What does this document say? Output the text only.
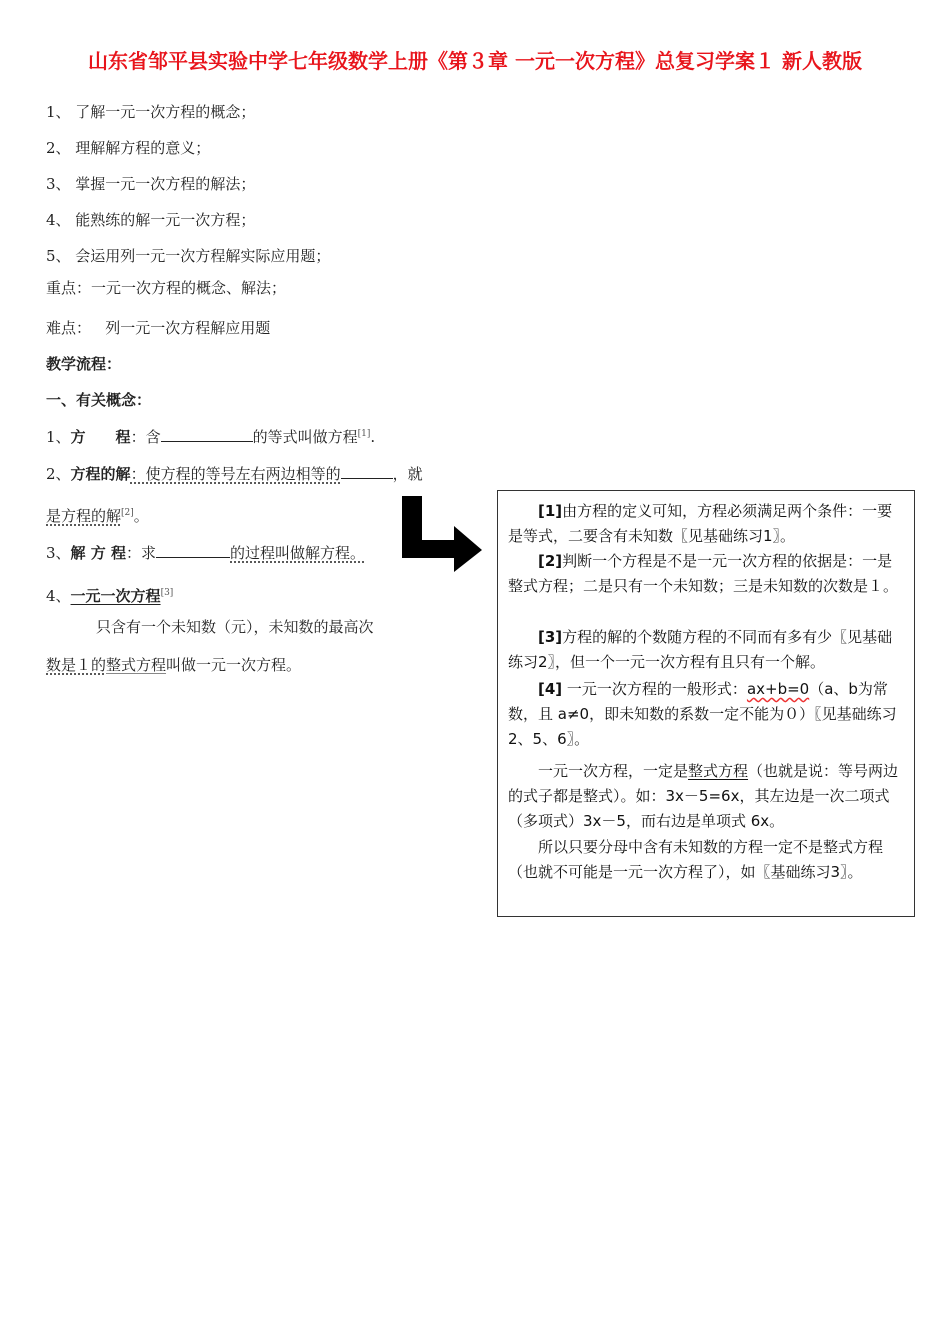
山东省邹平县实验中学七年级数学上册《第３章 一元一次方程》总复习学案１ 新人教版
1、 了解一元一次方程的概念；
2、 理解解方程的意义；
3、 掌握一元一次方程的解法；
4、 能熟练的解一元一次方程；
5、 会运用列一元一次方程解实际应用题；
重点：一元一次方程的概念、解法；
难点：   列一元一次方程解应用题
教学流程：
一、有关概念：
1、方　　程：含	的等式叫做方程[1].
2、方程的解：使方程的等号左右两边相等的	，就
是方程的解[2]。
3、解 方 程：求	的过程叫做解方程。
4、一元一次方程[3]
只含有一个未知数（元），未知数的最高次
数是１的整式方程叫做一元一次方程。

[1]由方程的定义可知，方程必须满足两个条件：一要是等式，二要含有未知数〖见基础练习1〗。

[2]判断一个方程是不是一元一次方程的依据是：一是整式方程；二是只有一个未知数；三是未知数的次数是１。

[3]方程的解的个数随方程的不同而有多有少〖见基础练习2〗，但一个一元一次方程有且只有一个解。

[4] 一元一次方程的一般形式：ax+b=0（a、b为常数，且 a≠0，即未知数的系数一定不能为０）〖见基础练习2、5、6〗。

一元一次方程，一定是整式方程（也就是说：等号两边的式子都是整式）。如：3x－5=6x，其左边是一次二项式（多项式）3x－5，而右边是单项式 6x。

所以只要分母中含有未知数的方程一定不是整式方程（也就不可能是一元一次方程了），如〖基础练习3〗。
